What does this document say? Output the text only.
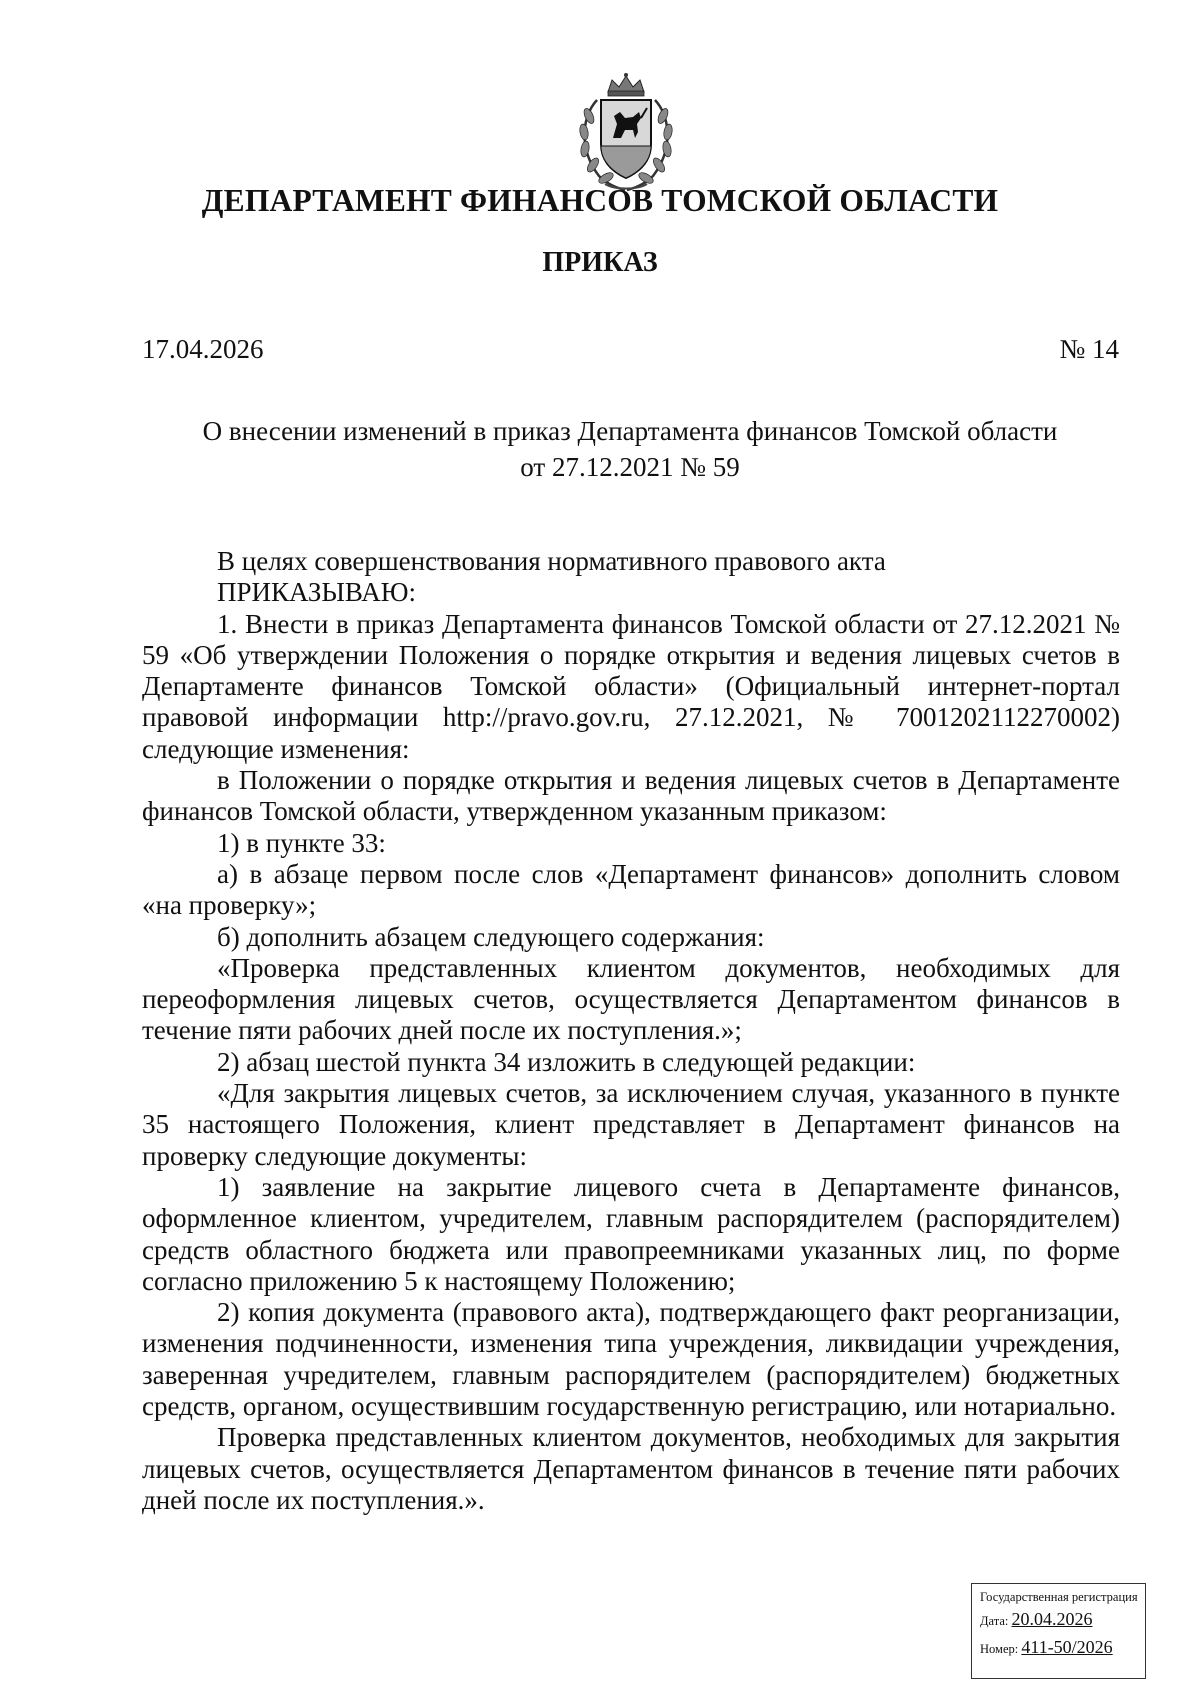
ДЕПАРТАМЕНТ ФИНАНСОВ ТОМСКОЙ ОБЛАСТИ
ПРИКАЗ
17.04.2026	№ 14
О внесении изменений в приказ Департамента финансов Томской области
от 27.12.2021 № 59

В целях совершенствования нормативного правового акта

ПРИКАЗЫВАЮ:

1. Внести в приказ Департамента финансов Томской области от 27.12.2021 № 59 «Об утверждении Положения о порядке открытия и ведения лицевых счетов в Департаменте финансов Томской области» (Официальный интернет-портал правовой информации http://pravo.gov.ru, 27.12.2021, № 7001202112270002) следующие изменения:

в Положении о порядке открытия и ведения лицевых счетов в Департаменте финансов Томской области, утвержденном указанным приказом:

1) в пункте 33:

а) в абзаце первом после слов «Департамент финансов» дополнить словом «на проверку»;

б) дополнить абзацем следующего содержания:

«Проверка представленных клиентом документов, необходимых для переоформления лицевых счетов, осуществляется Департаментом финансов в течение пяти рабочих дней после их поступления.»;

2) абзац шестой пункта 34 изложить в следующей редакции:

«Для закрытия лицевых счетов, за исключением случая, указанного в пункте 35 настоящего Положения, клиент представляет в Департамент финансов на проверку следующие документы:

1) заявление на закрытие лицевого счета в Департаменте финансов, оформленное клиентом, учредителем, главным распорядителем (распорядителем) средств областного бюджета или правопреемниками указанных лиц, по форме согласно приложению 5 к настоящему Положению;

2) копия документа (правового акта), подтверждающего факт реорганизации, изменения подчиненности, изменения типа учреждения, ликвидации учреждения, заверенная учредителем, главным распорядителем (распорядителем) бюджетных средств, органом, осуществившим государственную регистрацию, или нотариально.

Проверка представленных клиентом документов, необходимых для закрытия лицевых счетов, осуществляется Департаментом финансов в течение пяти рабочих дней после их поступления.».

Государственная регистрация
Дата: 20.04.2026
Номер: 411-50/2026
